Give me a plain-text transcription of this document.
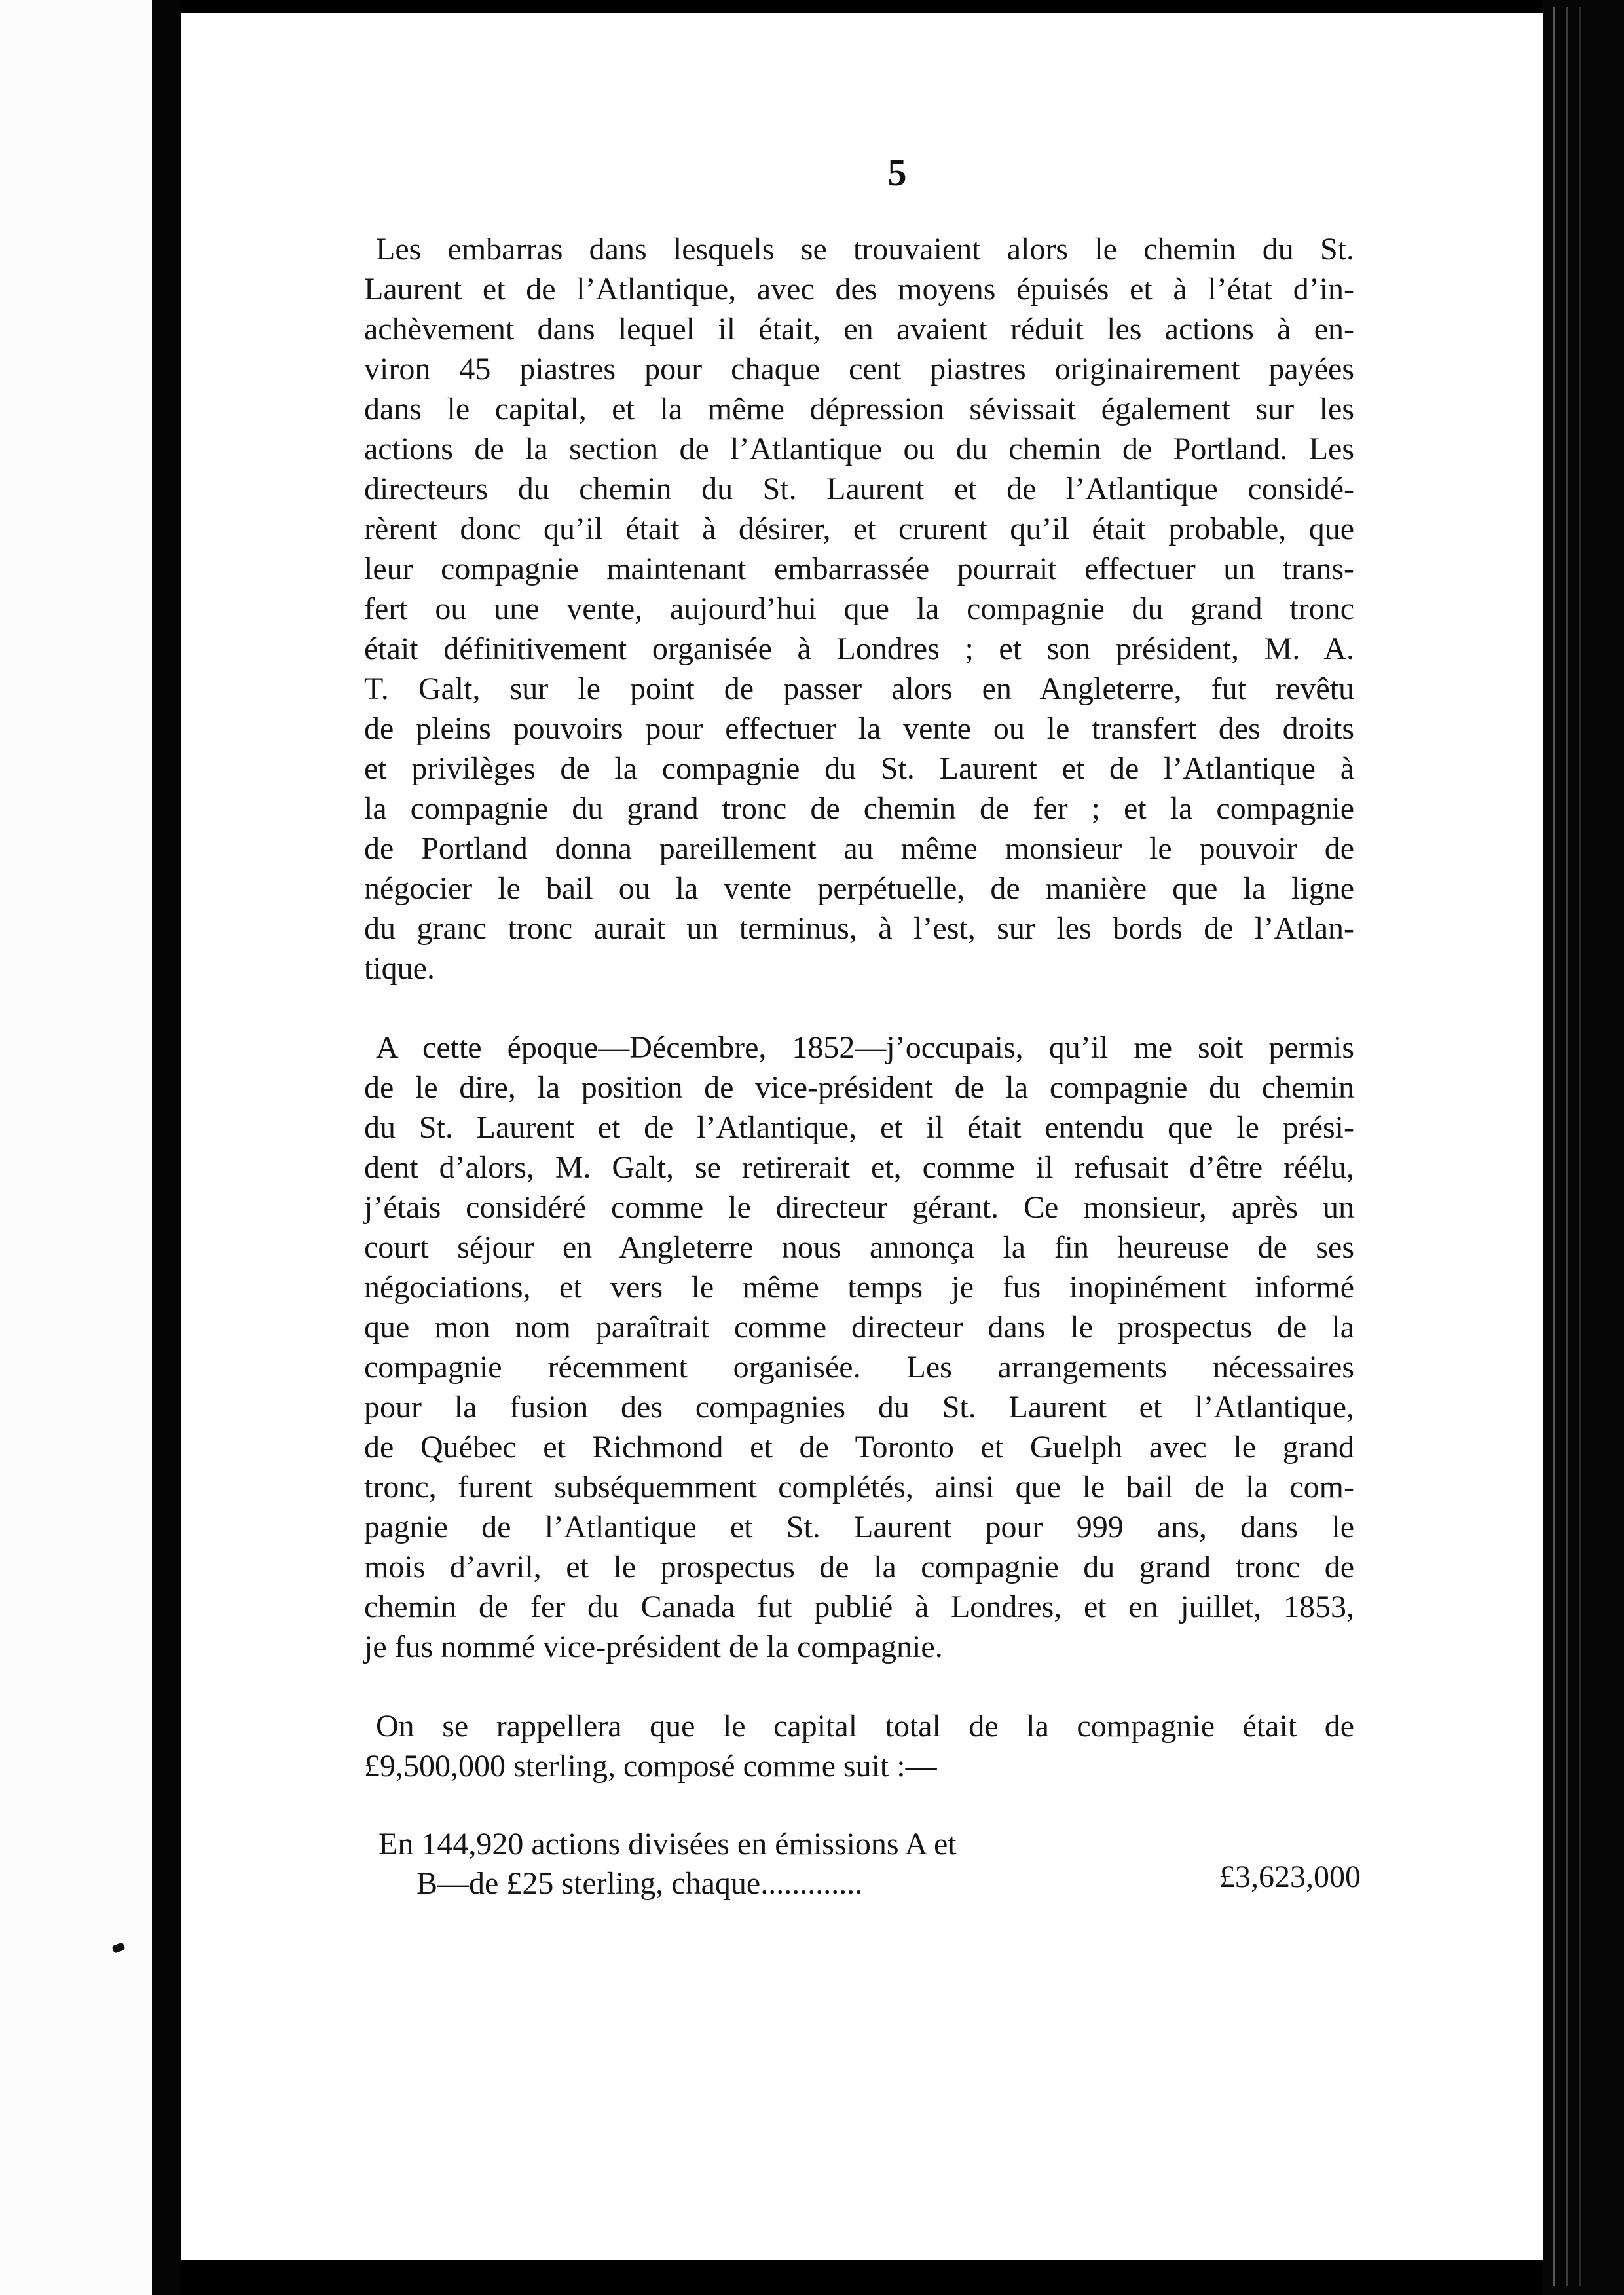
5
Les embarras dans lesquels se trouvaient alors le chemin du St.
Laurent et de l’Atlantique, avec des moyens épuisés et à l’état d’in-
achèvement dans lequel il était, en avaient réduit les actions à en-
viron 45 piastres pour chaque cent piastres originairement payées
dans le capital, et la même dépression sévissait également sur les
actions de la section de l’Atlantique ou du chemin de Portland. Les
directeurs du chemin du St. Laurent et de l’Atlantique considé-
rèrent donc qu’il était à désirer, et crurent qu’il était probable, que
leur compagnie maintenant embarrassée pourrait effectuer un trans-
fert ou une vente, aujourd’hui que la compagnie du grand tronc
était définitivement organisée à Londres ; et son président, M. A.
T. Galt, sur le point de passer alors en Angleterre, fut revêtu
de pleins pouvoirs pour effectuer la vente ou le transfert des droits
et privilèges de la compagnie du St. Laurent et de l’Atlantique à
la compagnie du grand tronc de chemin de fer ; et la compagnie
de Portland donna pareillement au même monsieur le pouvoir de
négocier le bail ou la vente perpétuelle, de manière que la ligne
du granc tronc aurait un terminus, à l’est, sur les bords de l’Atlan-
tique.
A cette époque—Décembre, 1852—j’occupais, qu’il me soit permis
de le dire, la position de vice-président de la compagnie du chemin
du St. Laurent et de l’Atlantique, et il était entendu que le prési-
dent d’alors, M. Galt, se retirerait et, comme il refusait d’être réélu,
j’étais considéré comme le directeur gérant. Ce monsieur, après un
court séjour en Angleterre nous annonça la fin heureuse de ses
négociations, et vers le même temps je fus inopinément informé
que mon nom paraîtrait comme directeur dans le prospectus de la
compagnie récemment organisée. Les arrangements nécessaires
pour la fusion des compagnies du St. Laurent et l’Atlantique,
de Québec et Richmond et de Toronto et Guelph avec le grand
tronc, furent subséquemment complétés, ainsi que le bail de la com-
pagnie de l’Atlantique et St. Laurent pour 999 ans, dans le
mois d’avril, et le prospectus de la compagnie du grand tronc de
chemin de fer du Canada fut publié à Londres, et en juillet, 1853,
je fus nommé vice-président de la compagnie.
On se rappellera que le capital total de la compagnie était de
£9,500,000 sterling, composé comme suit :—
En 144,920 actions divisées en émissions A et
B—de £25 sterling, chaque.............	£3,623,000
